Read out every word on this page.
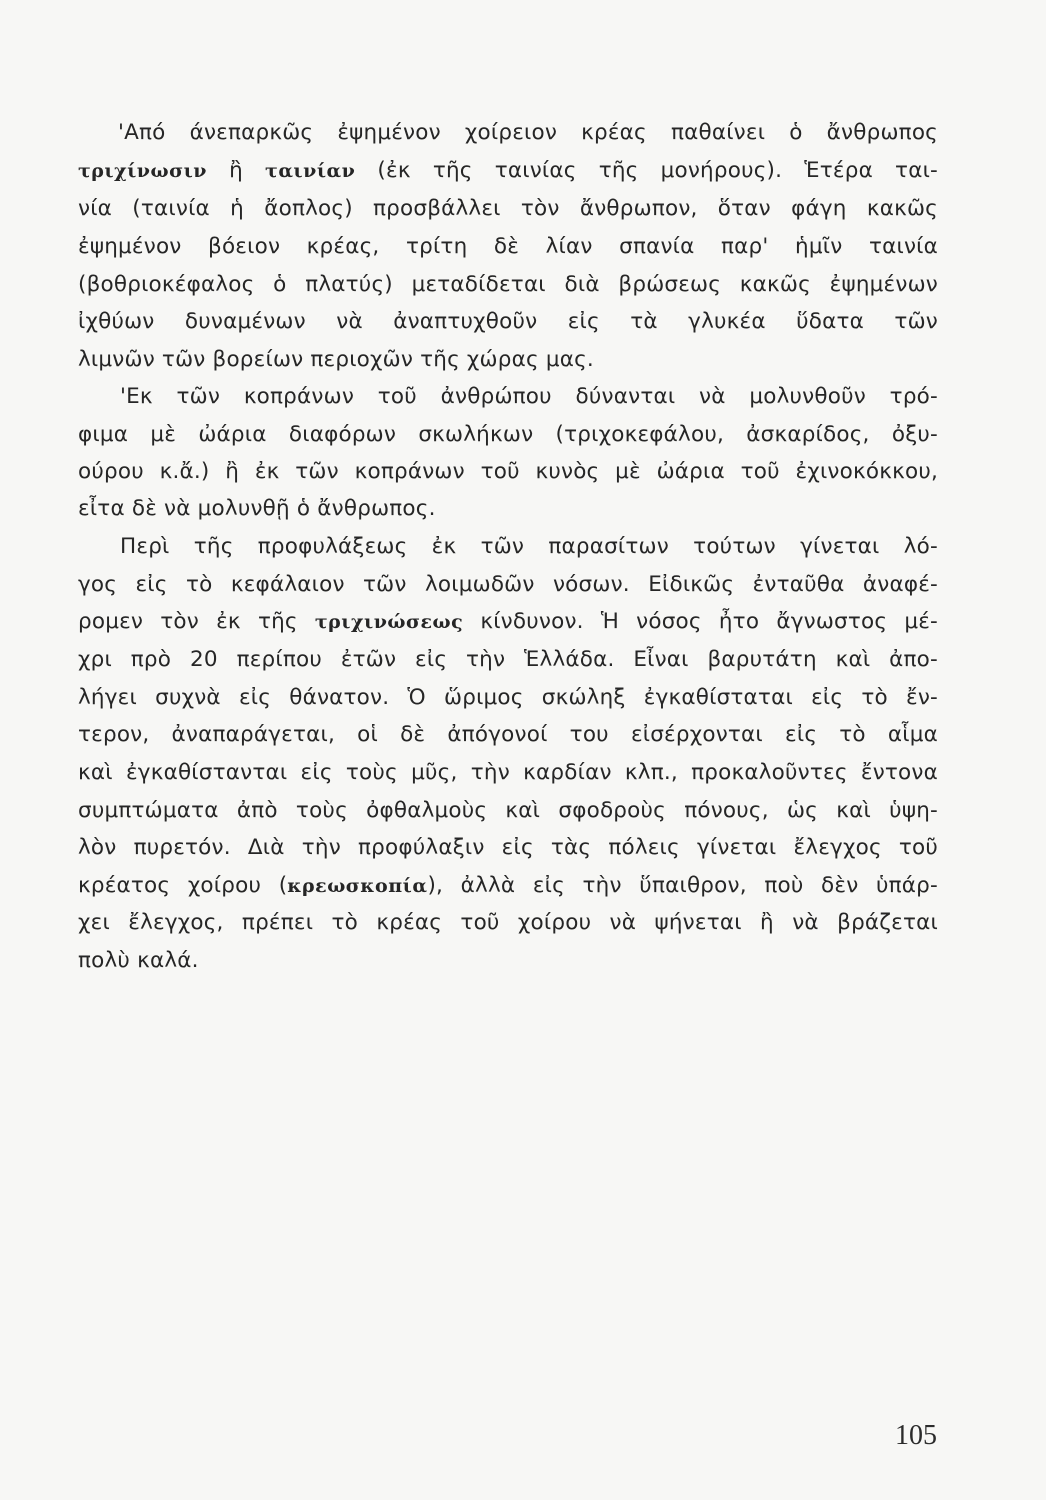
'Από άνεπαρκῶς ἐψημένον χοίρειον κρέας παθαίνει ὁ ἄνθρωπος
τριχίνωσιν ἢ ταινίαν (ἐκ τῆς ταινίας τῆς μονήρους). Ἑτέρα ται-
νία (ταινία ἡ ἄοπλος) προσβάλλει τὸν ἄνθρωπον, ὅταν φάγη κακῶς
ἐψημένον βόειον κρέας, τρίτη δὲ λίαν σπανία παρ' ἡμῖν ταινία
(βοθριοκέφαλος ὁ πλατύς) μεταδίδεται διὰ βρώσεως κακῶς ἐψημένων
ἰχθύων δυναμένων νὰ ἀναπτυχθοῦν εἰς τὰ γλυκέα ὕδατα τῶν
λιμνῶν τῶν βορείων περιοχῶν τῆς χώρας μας.
'Εκ τῶν κοπράνων τοῦ ἀνθρώπου δύνανται νὰ μολυνθοῦν τρό-
φιμα μὲ ὠάρια διαφόρων σκωλήκων (τριχοκεφάλου, ἀσκαρίδος, ὀξυ-
ούρου κ.ἄ.) ἢ ἐκ τῶν κοπράνων τοῦ κυνὸς μὲ ὠάρια τοῦ ἐχινοκόκκου,
εἶτα δὲ νὰ μολυνθῇ ὁ ἄνθρωπος.
Περὶ τῆς προφυλάξεως ἐκ τῶν παρασίτων τούτων γίνεται λό-
γος εἰς τὸ κεφάλαιον τῶν λοιμωδῶν νόσων. Εἰδικῶς ἐνταῦθα ἀναφέ-
ρομεν τὸν ἐκ τῆς τριχινώσεως κίνδυνον. Ἡ νόσος ἦτο ἄγνωστος μέ-
χρι πρὸ 20 περίπου ἐτῶν εἰς τὴν Ἑλλάδα. Εἶναι βαρυτάτη καὶ ἀπο-
λήγει συχνὰ εἰς θάνατον. Ὁ ὥριμος σκώληξ ἐγκαθίσταται εἰς τὸ ἔν-
τερον, ἀναπαράγεται, οἱ δὲ ἀπόγονοί του εἰσέρχονται εἰς τὸ αἷμα
καὶ ἐγκαθίστανται εἰς τοὺς μῦς, τὴν καρδίαν κλπ., προκαλοῦντες ἔντονα
συμπτώματα ἀπὸ τοὺς ὀφθαλμοὺς καὶ σφοδροὺς πόνους, ὡς καὶ ὑψη-
λὸν πυρετόν. Διὰ τὴν προφύλαξιν εἰς τὰς πόλεις γίνεται ἔλεγχος τοῦ
κρέατος χοίρου (κρεωσκοπία), ἀλλὰ εἰς τὴν ὕπαιθρον, ποὺ δὲν ὑπάρ-
χει ἔλεγχος, πρέπει τὸ κρέας τοῦ χοίρου νὰ ψήνεται ἢ νὰ βράζεται
πολὺ καλά.
105
